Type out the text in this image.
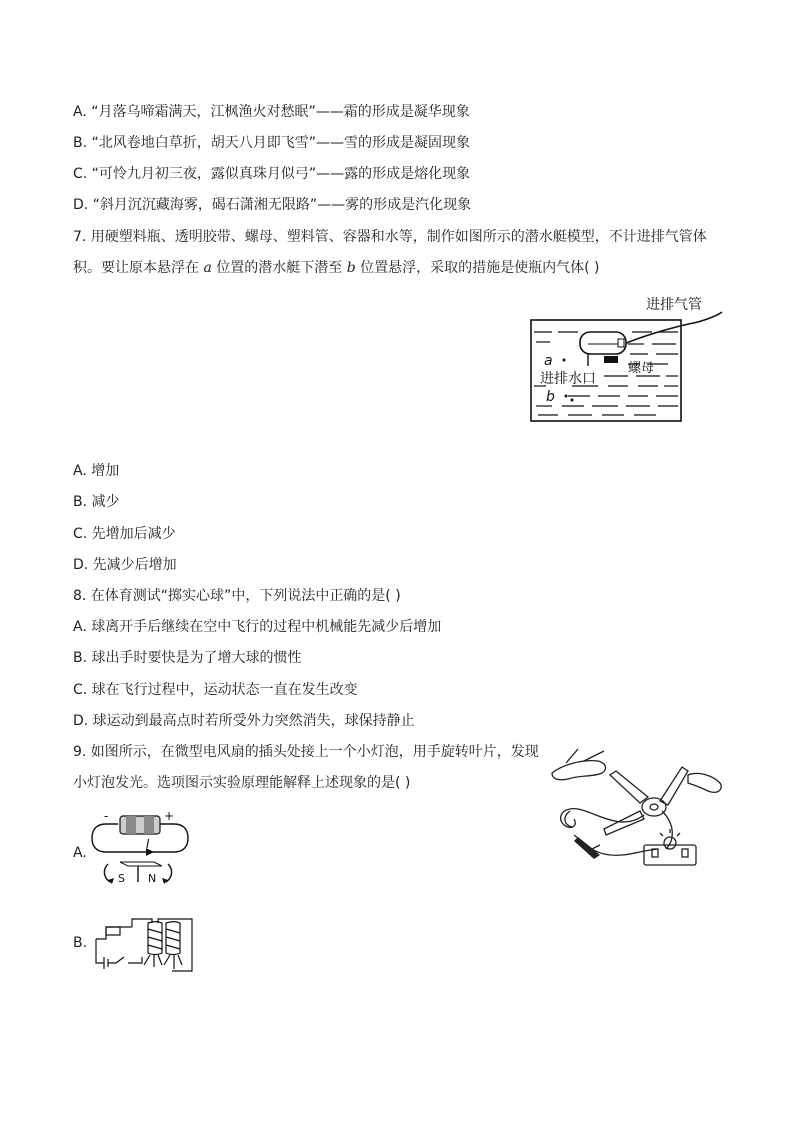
A. “月落乌啼霜满天，江枫渔火对愁眠”——霜的形成是凝华现象
B. “北风卷地白草折，胡天八月即飞雪”——雪的形成是凝固现象
C. “可怜九月初三夜，露似真珠月似弓”——露的形成是熔化现象
D. “斜月沉沉藏海雾，碣石潇湘无限路”——雾的形成是汽化现象
7. 用硬塑料瓶、透明胶带、螺母、塑料管、容器和水等，制作如图所示的潜水艇模型，不计进排气管体
积。要让原本悬浮在 a 位置的潜水艇下潜至 b 位置悬浮，采取的措施是使瓶内气体( )
进排气管
a	螺母
进排水口
b
A. 增加
B. 减少
C. 先增加后减少
D. 先减少后增加
8. 在体育测试“掷实心球”中，下列说法中正确的是( )
A. 球离开手后继续在空中飞行的过程中机械能先减少后增加
B. 球出手时要快是为了增大球的惯性
C. 球在飞行过程中，运动状态一直在发生改变
D. 球运动到最高点时若所受外力突然消失，球保持静止
9. 如图所示，在微型电风扇的插头处接上一个小灯泡，用手旋转叶片，发现
小灯泡发光。选项图示实验原理能解释上述现象的是( )
A.
-	+
I
S N
B.
